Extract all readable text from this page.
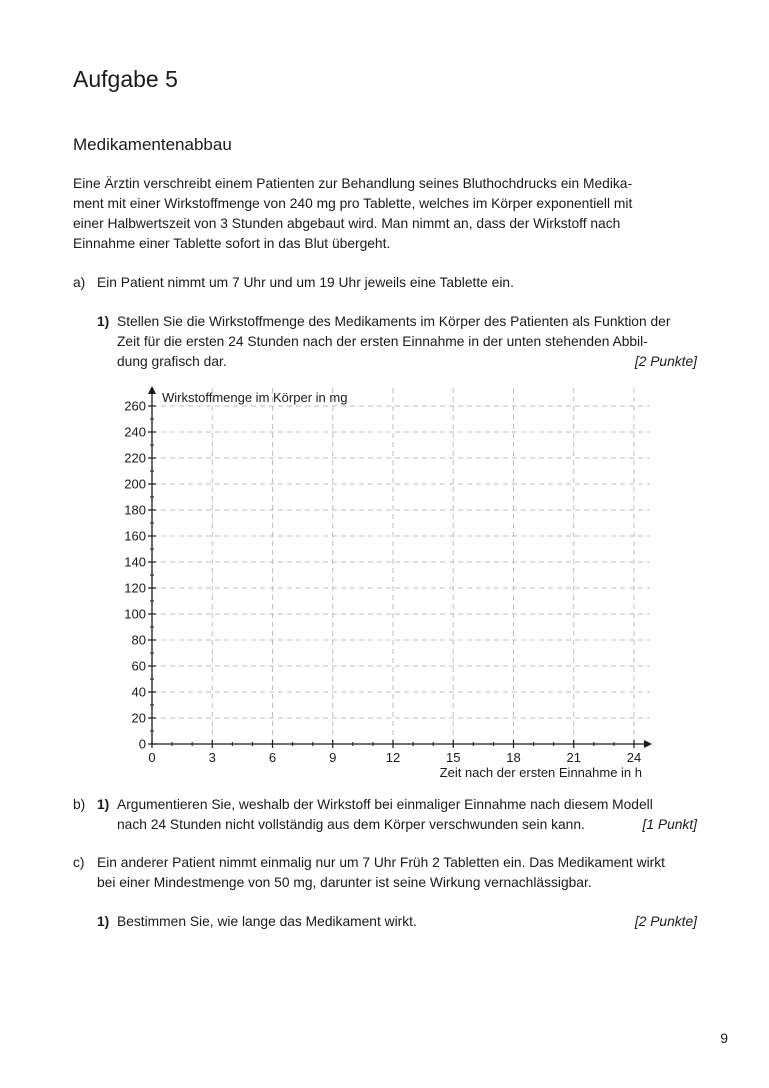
Aufgabe 5
Medikamentenabbau
Eine Ärztin verschreibt einem Patienten zur Behandlung seines Bluthochdrucks ein Medika-
ment mit einer Wirkstoffmenge von 240 mg pro Tablette, welches im Körper exponentiell mit
einer Halbwertszeit von 3 Stunden abgebaut wird. Man nimmt an, dass der Wirkstoff nach
Einnahme einer Tablette sofort in das Blut übergeht.
a) Ein Patient nimmt um 7 Uhr und um 19 Uhr jeweils eine Tablette ein.
1) Stellen Sie die Wirkstoffmenge des Medikaments im Körper des Patienten als Funktion der
Zeit für die ersten 24 Stunden nach der ersten Einnahme in der unten stehenden Abbil-
dung grafisch dar.	[2 Punkte]
0
20
40
60
80
100
120
140
160
180
200
220
240
260
0	3	6	9	12	15	18	21	24
Wirkstoffmenge im Körper in mg
Zeit nach der ersten Einnahme in h
b) 1) Argumentieren Sie, weshalb der Wirkstoff bei einmaliger Einnahme nach diesem Modell
nach 24 Stunden nicht vollständig aus dem Körper verschwunden sein kann.	[1 Punkt]
c) Ein anderer Patient nimmt einmalig nur um 7 Uhr Früh 2 Tabletten ein. Das Medikament wirkt
bei einer Mindestmenge von 50 mg, darunter ist seine Wirkung vernachlässigbar.
1) Bestimmen Sie, wie lange das Medikament wirkt.	[2 Punkte]
9
